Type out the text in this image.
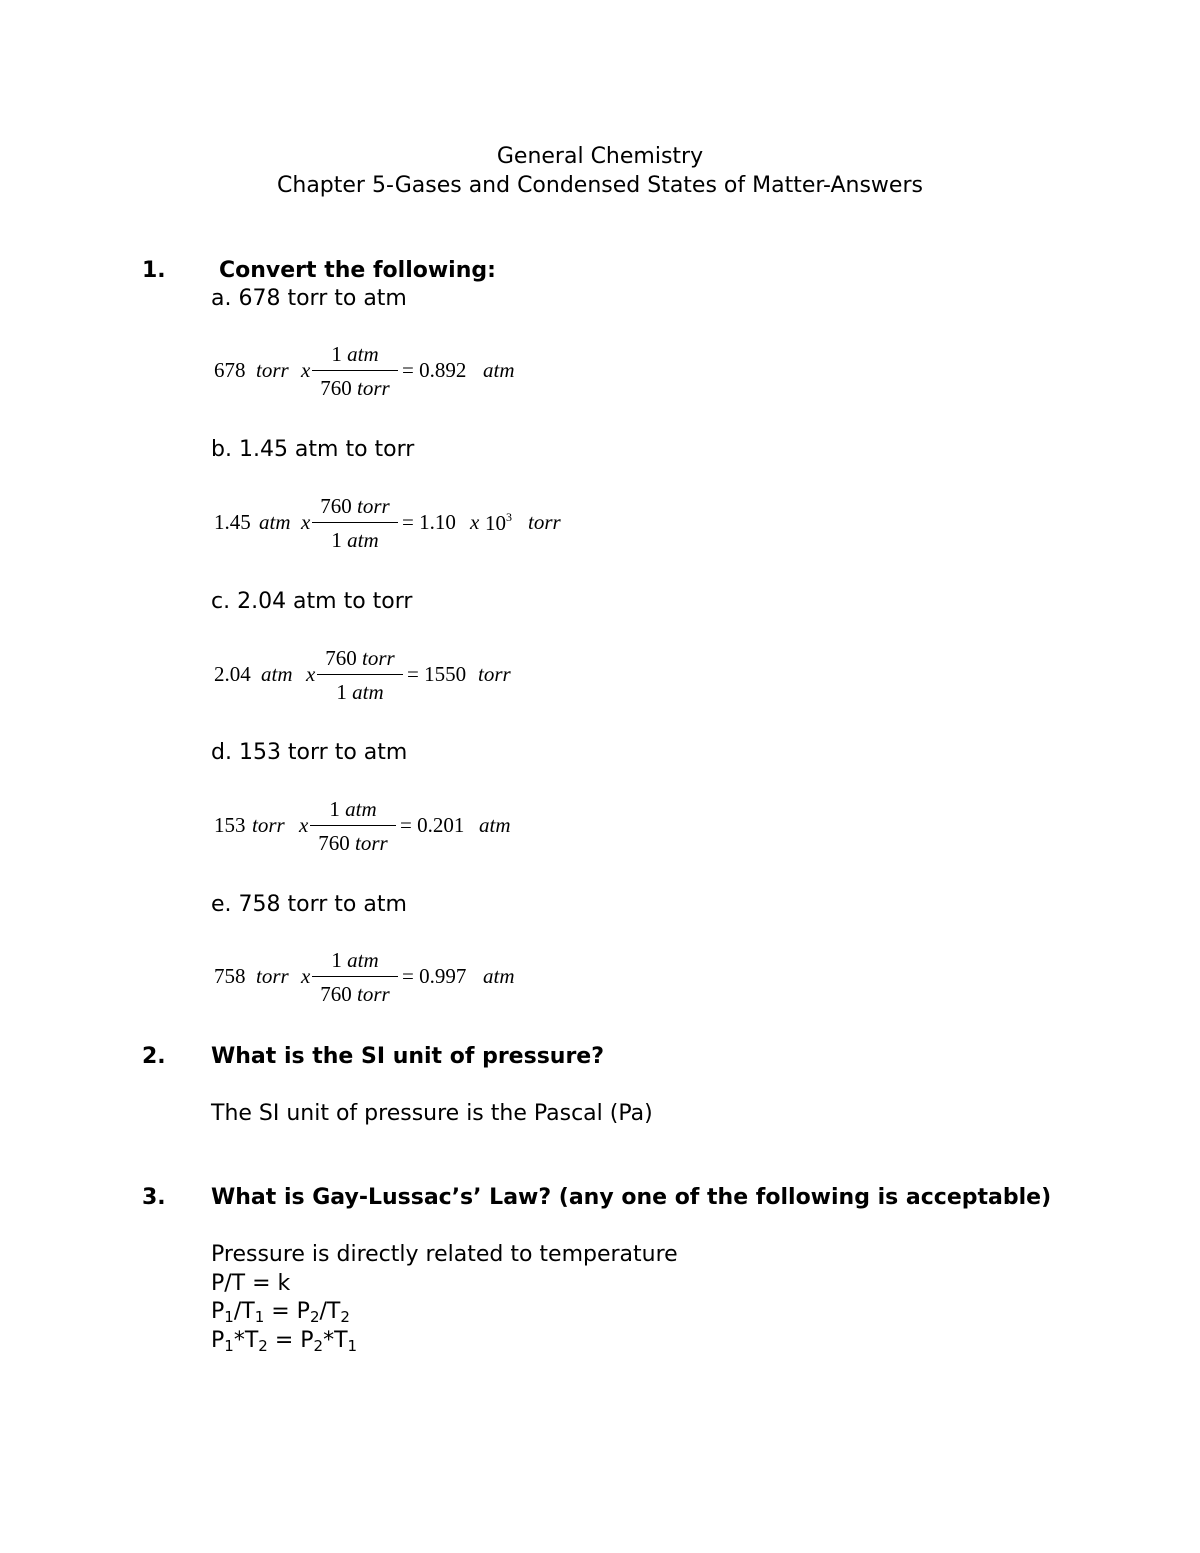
General Chemistry
Chapter 5-Gases and Condensed States of Matter-Answers
1. Convert the following:
a. 678 torr to atm
678 torr x
1 atm
760 torr
= 0.892 atm
b. 1.45 atm to torr
1.45 atm x
760 torr
1 atm
= 1.10 x $10^3$ torr
c. 2.04 atm to torr
2.04 atm x
760 torr
1 atm
= 1550 torr
d. 153 torr to atm
153 torr x
1 atm
760 torr
= 0.201 atm
e. 758 torr to atm
758 torr x
1 atm
760 torr
= 0.997 atm
2. What is the SI unit of pressure?
The SI unit of pressure is the Pascal (Pa)
3. What is Gay-Lussac’s’ Law? (any one of the following is acceptable)
Pressure is directly related to temperature
P/T = k
$P_1/T_1 = P_2/T_2$
$P_1*T_2 = P_2*T_1$
